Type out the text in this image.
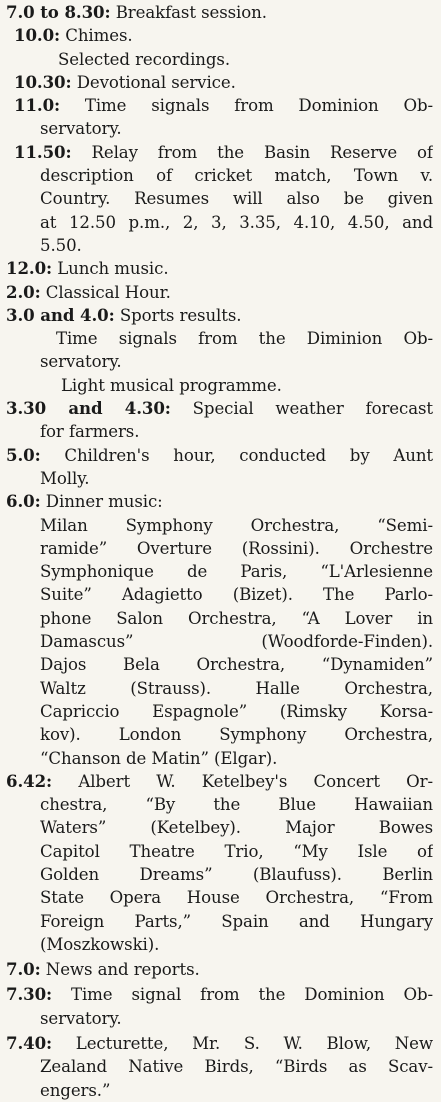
7.0 to 8.30: Breakfast session.
10.0: Chimes.
Selected recordings.
10.30: Devotional service.
11.0: Time signals from Dominion Ob-
servatory.
11.50: Relay from the Basin Reserve of
description of cricket match, Town v.
Country. Resumes will also be given
at 12.50 p.m., 2, 3, 3.35, 4.10, 4.50, and
5.50.
12.0: Lunch music.
2.0: Classical Hour.
3.0 and 4.0: Sports results.
Time signals from the Diminion Ob-
servatory.
Light musical programme.
3.30 and 4.30: Special weather forecast
for farmers.
5.0: Children's hour, conducted by Aunt
Molly.
6.0: Dinner music:
Milan Symphony Orchestra, “Semi-
ramide” Overture (Rossini). Orchestre
Symphonique de Paris, “L'Arlesienne
Suite” Adagietto (Bizet). The Parlo-
phone Salon Orchestra, “A Lover in
Damascus” (Woodforde-Finden).
Dajos Bela Orchestra, “Dynamiden”
Waltz (Strauss). Halle Orchestra,
Capriccio Espagnole” (Rimsky Korsa-
kov). London Symphony Orchestra,
“Chanson de Matin” (Elgar).
6.42: Albert W. Ketelbey's Concert Or-
chestra, “By the Blue Hawaiian
Waters” (Ketelbey). Major Bowes
Capitol Theatre Trio, “My Isle of
Golden Dreams” (Blaufuss). Berlin
State Opera House Orchestra, “From
Foreign Parts,” Spain and Hungary
(Moszkowski).
7.0: News and reports.
7.30: Time signal from the Dominion Ob-
servatory.
7.40: Lecturette, Mr. S. W. Blow, New
Zealand Native Birds, “Birds as Scav-
engers.”
